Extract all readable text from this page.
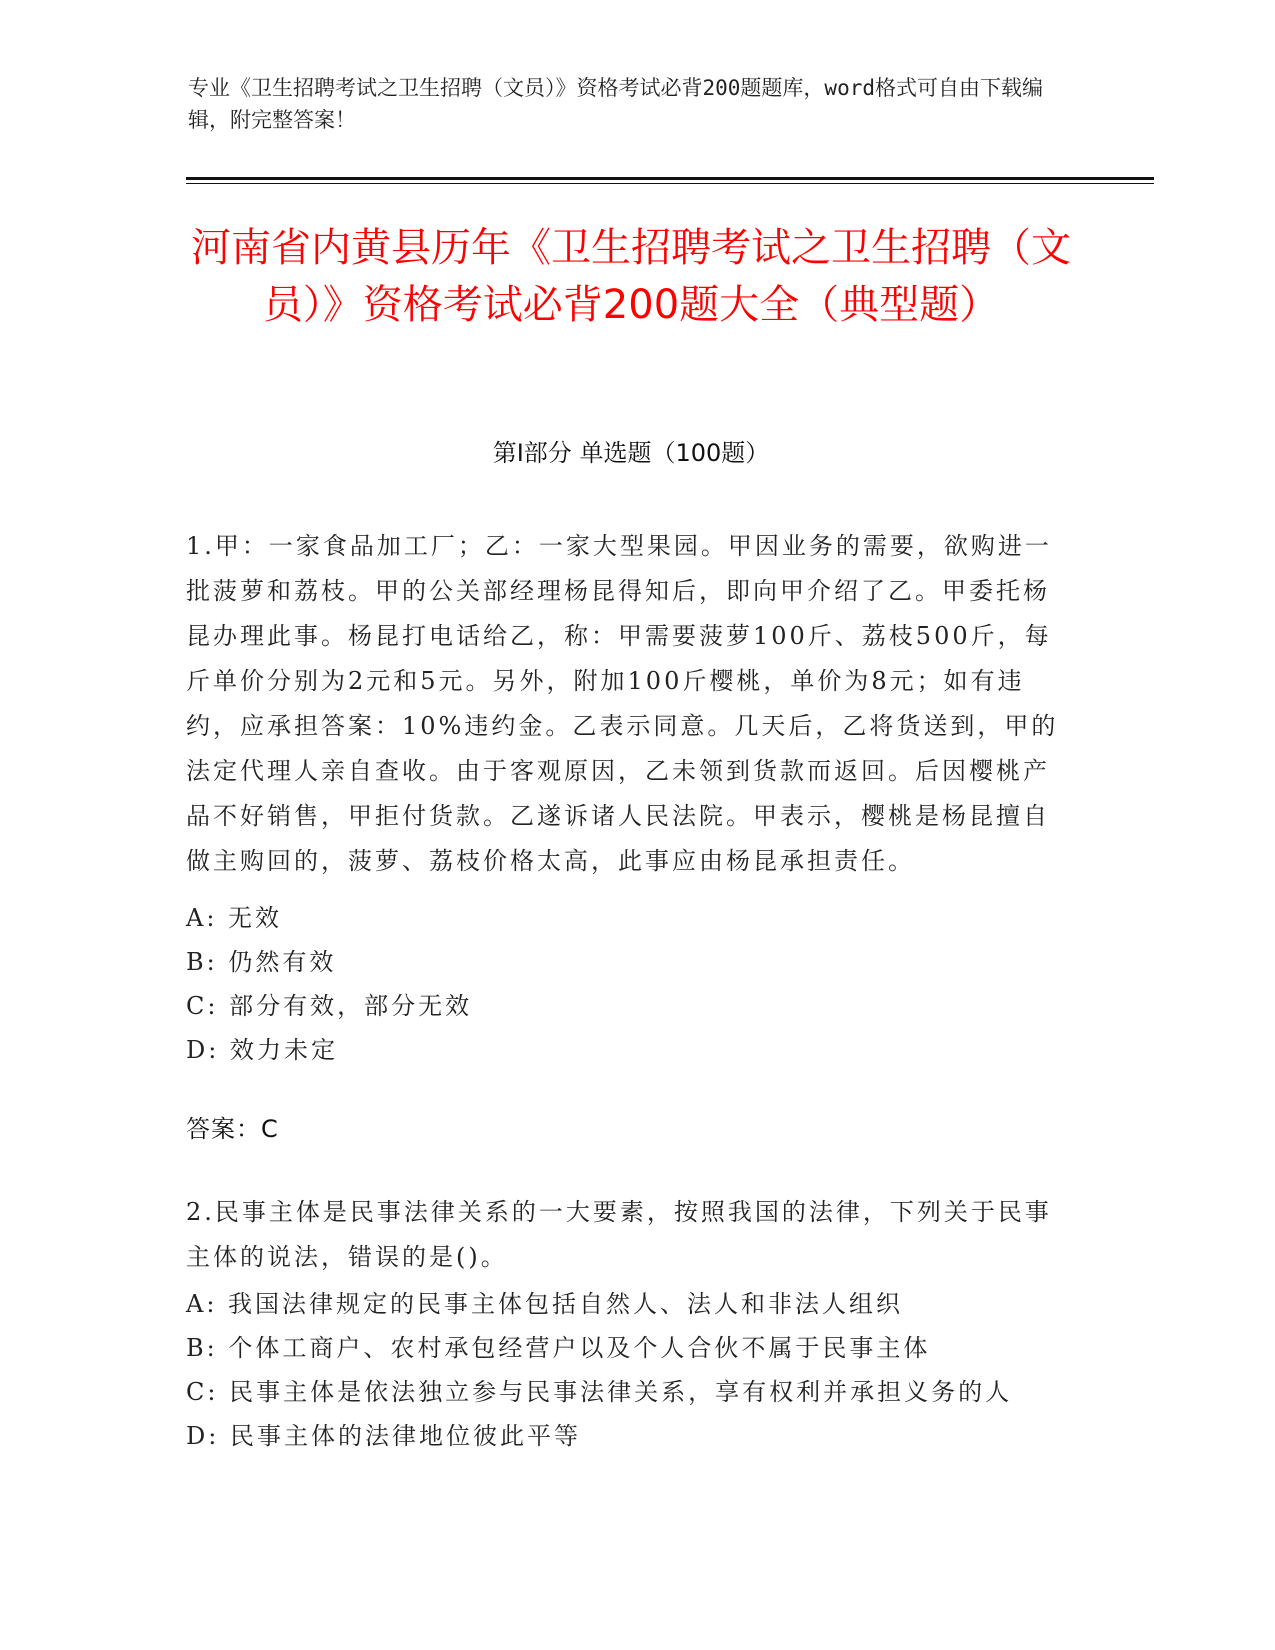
专业《卫生招聘考试之卫生招聘（文员）》资格考试必背200题题库，word格式可自由下载编辑，附完整答案！
河南省内黄县历年《卫生招聘考试之卫生招聘（文员）》资格考试必背200题大全（典型题）
第I部分 单选题（100题）
1.甲：一家食品加工厂；乙：一家大型果园。甲因业务的需要，欲购进一批菠萝和荔枝。甲的公关部经理杨昆得知后，即向甲介绍了乙。甲委托杨昆办理此事。杨昆打电话给乙，称：甲需要菠萝100斤、荔枝500斤，每斤单价分别为2元和5元。另外，附加100斤樱桃，单价为8元；如有违约，应承担答案：10%违约金。乙表示同意。几天后，乙将货送到，甲的法定代理人亲自查收。由于客观原因，乙未领到货款而返回。后因樱桃产品不好销售，甲拒付货款。乙遂诉诸人民法院。甲表示，樱桃是杨昆擅自做主购回的，菠萝、荔枝价格太高，此事应由杨昆承担责任。
A: 无效
B: 仍然有效
C: 部分有效，部分无效
D: 效力未定
答案：C
2.民事主体是民事法律关系的一大要素，按照我国的法律，下列关于民事主体的说法，错误的是()。
A: 我国法律规定的民事主体包括自然人、法人和非法人组织
B: 个体工商户、农村承包经营户以及个人合伙不属于民事主体
C: 民事主体是依法独立参与民事法律关系，享有权利并承担义务的人
D: 民事主体的法律地位彼此平等
